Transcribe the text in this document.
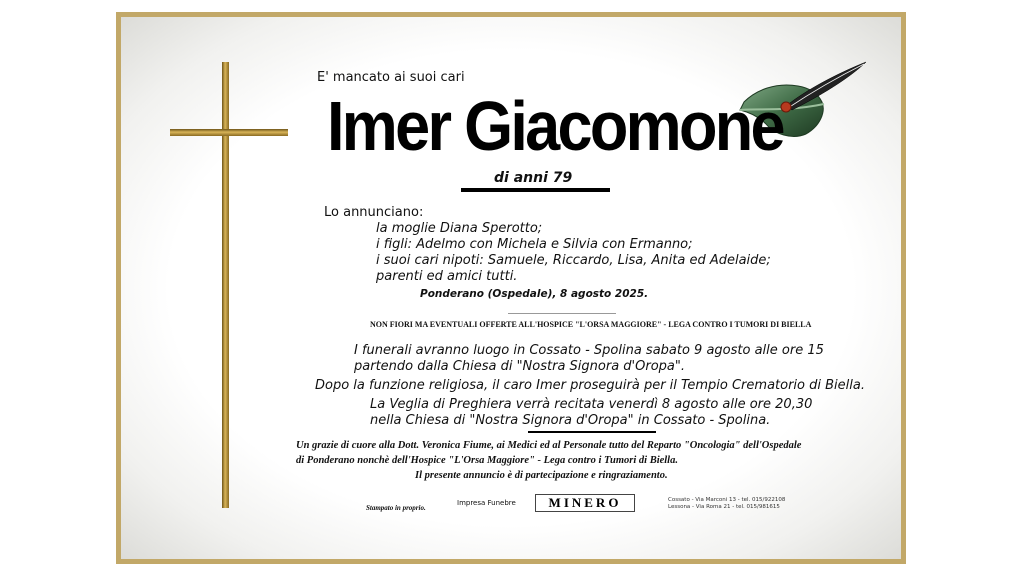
E' mancato ai suoi cari
Imer Giacomone
di anni 79
Lo annunciano:
la moglie Diana Sperotto;
i figli: Adelmo con Michela e Silvia con Ermanno;
i suoi cari nipoti: Samuele, Riccardo, Lisa, Anita ed Adelaide;
parenti ed amici tutti.
Ponderano (Ospedale), 8 agosto 2025.
NON FIORI MA EVENTUALI OFFERTE ALL'HOSPICE "L'ORSA MAGGIORE" - LEGA CONTRO I TUMORI DI BIELLA
I funerali avranno luogo in Cossato - Spolina sabato 9 agosto alle ore 15
partendo dalla Chiesa di "Nostra Signora d'Oropa".
Dopo la funzione religiosa, il caro Imer proseguirà per il Tempio Crematorio di Biella.
La Veglia di Preghiera verrà recitata venerdì 8 agosto alle ore 20,30
nella Chiesa di "Nostra Signora d'Oropa" in Cossato - Spolina.
Un grazie di cuore alla Dott. Veronica Fiume, ai Medici ed al Personale tutto del Reparto "Oncologia" dell'Ospedale
di Ponderano nonchè dell'Hospice "L'Orsa Maggiore" - Lega contro i Tumori di Biella.
Il presente annuncio è di partecipazione e ringraziamento.
Stampato in proprio.
Impresa Funebre	MINERO	Cossato - Via Marconi 13 - tel. 015/922108
Lessona - Via Roma 21 - tel. 015/981615
